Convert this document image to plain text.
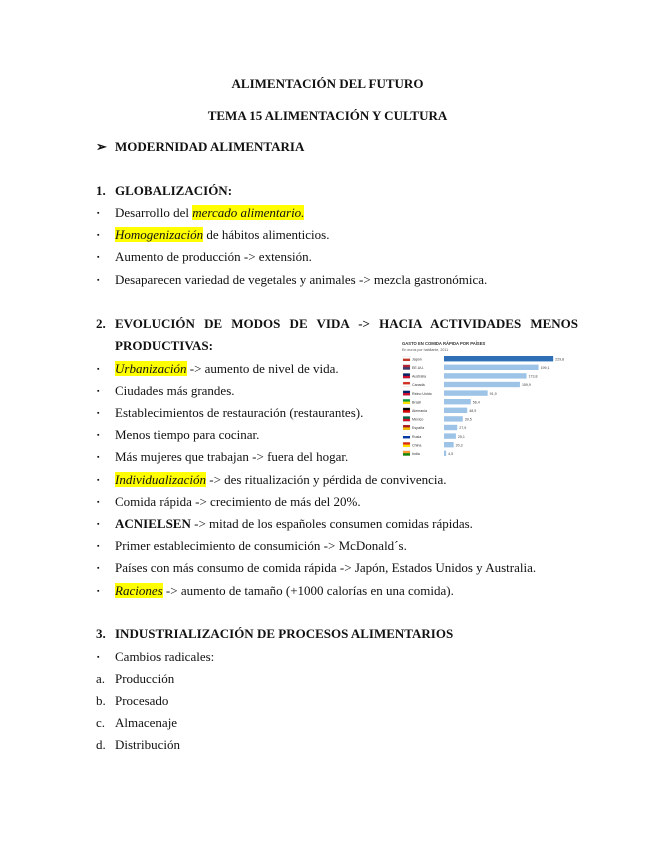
ALIMENTACIÓN DEL FUTURO
TEMA 15 ALIMENTACIÓN Y CULTURA
➢ MODERNIDAD ALIMENTARIA
1. GLOBALIZACIÓN:
▪ Desarrollo del mercado alimentario.
▪ Homogenización de hábitos alimenticios.
▪ Aumento de producción -> extensión.
▪ Desaparecen variedad de vegetales y animales -> mezcla gastronómica.
2. EVOLUCIÓN DE MODOS DE VIDA -> HACIA ACTIVIDADES MENOS
PRODUCTIVAS:
▪ Urbanización -> aumento de nivel de vida.
▪ Ciudades más grandes.
▪ Establecimientos de restauración (restaurantes).
▪ Menos tiempo para cocinar.
▪ Más mujeres que trabajan -> fuera del hogar.
▪ Individualización -> des ritualización y pérdida de convivencia.
▪ Comida rápida -> crecimiento de más del 20%.
▪ ACNIELSEN -> mitad de los españoles consumen comidas rápidas.
▪ Primer establecimiento de consumición -> McDonald´s.
▪ Países con más consumo de comida rápida -> Japón, Estados Unidos y Australia.
▪ Raciones -> aumento de tamaño (+1000 calorías en una comida).
GASTO EN COMIDA RÁPIDA POR PAÍSES
En euros por habitante, 2011
Japón	229,8
EE.UU.	199,1
Australia	173,8
Canadá	159,9
Reino Unido	91,9
Brasil	56,4
Alemania	48,9
México	39,5
España	27,9
Rusia	25,1
China	20,3
India	4,5
3. INDUSTRIALIZACIÓN DE PROCESOS ALIMENTARIOS
▪ Cambios radicales:
a. Producción
b. Procesado
c. Almacenaje
d. Distribución
